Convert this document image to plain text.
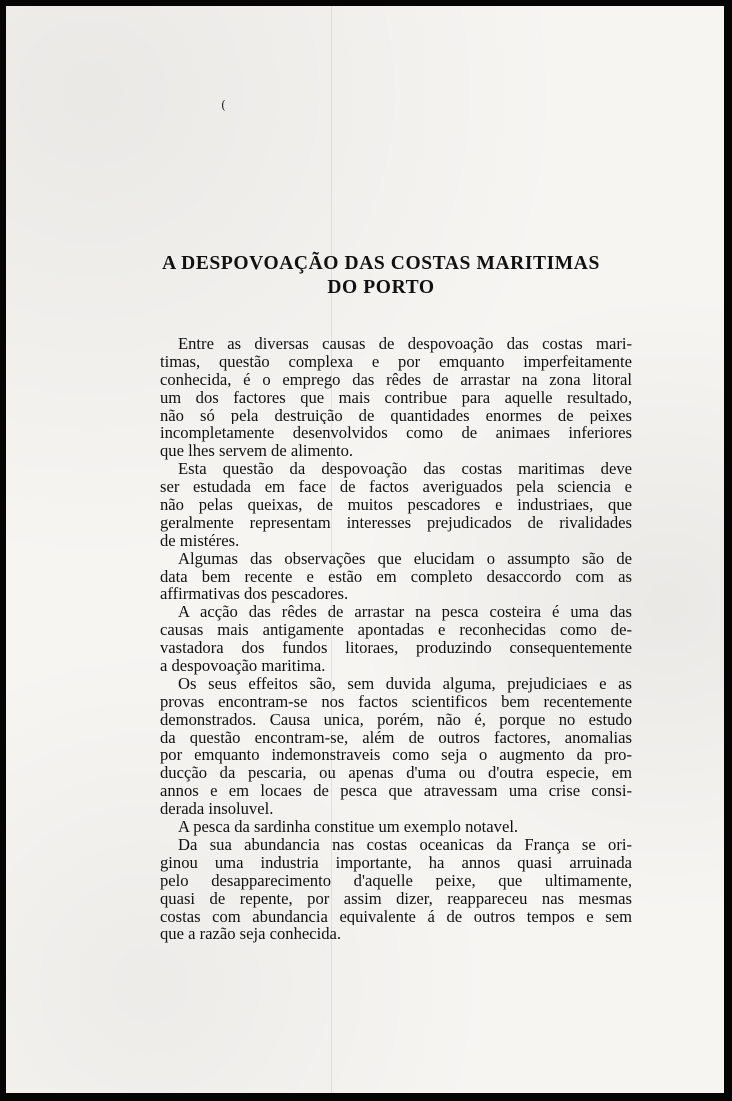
(
A DESPOVOAÇÃO DAS COSTAS MARITIMAS
DO PORTO
Entre as diversas causas de despovoação das costas mari-
timas, questão complexa e por emquanto imperfeitamente
conhecida, é o emprego das rêdes de arrastar na zona litoral
um dos factores que mais contribue para aquelle resultado,
não só pela destruição de quantidades enormes de peixes
incompletamente desenvolvidos como de animaes inferiores
que lhes servem de alimento.
Esta questão da despovoação das costas maritimas deve
ser estudada em face de factos averiguados pela sciencia e
não pelas queixas, de muitos pescadores e industriaes, que
geralmente representam interesses prejudicados de rivalidades
de mistéres.
Algumas das observações que elucidam o assumpto são de
data bem recente e estão em completo desaccordo com as
affirmativas dos pescadores.
A acção das rêdes de arrastar na pesca costeira é uma das
causas mais antigamente apontadas e reconhecidas como de-
vastadora dos fundos litoraes, produzindo consequentemente
a despovoação maritima.
Os seus effeitos são, sem duvida alguma, prejudiciaes e as
provas encontram-se nos factos scientificos bem recentemente
demonstrados. Causa unica, porém, não é, porque no estudo
da questão encontram-se, além de outros factores, anomalias
por emquanto indemonstraveis como seja o augmento da pro-
ducção da pescaria, ou apenas d'uma ou d'outra especie, em
annos e em locaes de pesca que atravessam uma crise consi-
derada insoluvel.
A pesca da sardinha constitue um exemplo notavel.
Da sua abundancia nas costas oceanicas da França se ori-
ginou uma industria importante, ha annos quasi arruinada
pelo desapparecimento d'aquelle peixe, que ultimamente,
quasi de repente, por assim dizer, reappareceu nas mesmas
costas com abundancia equivalente á de outros tempos e sem
que a razão seja conhecida.
